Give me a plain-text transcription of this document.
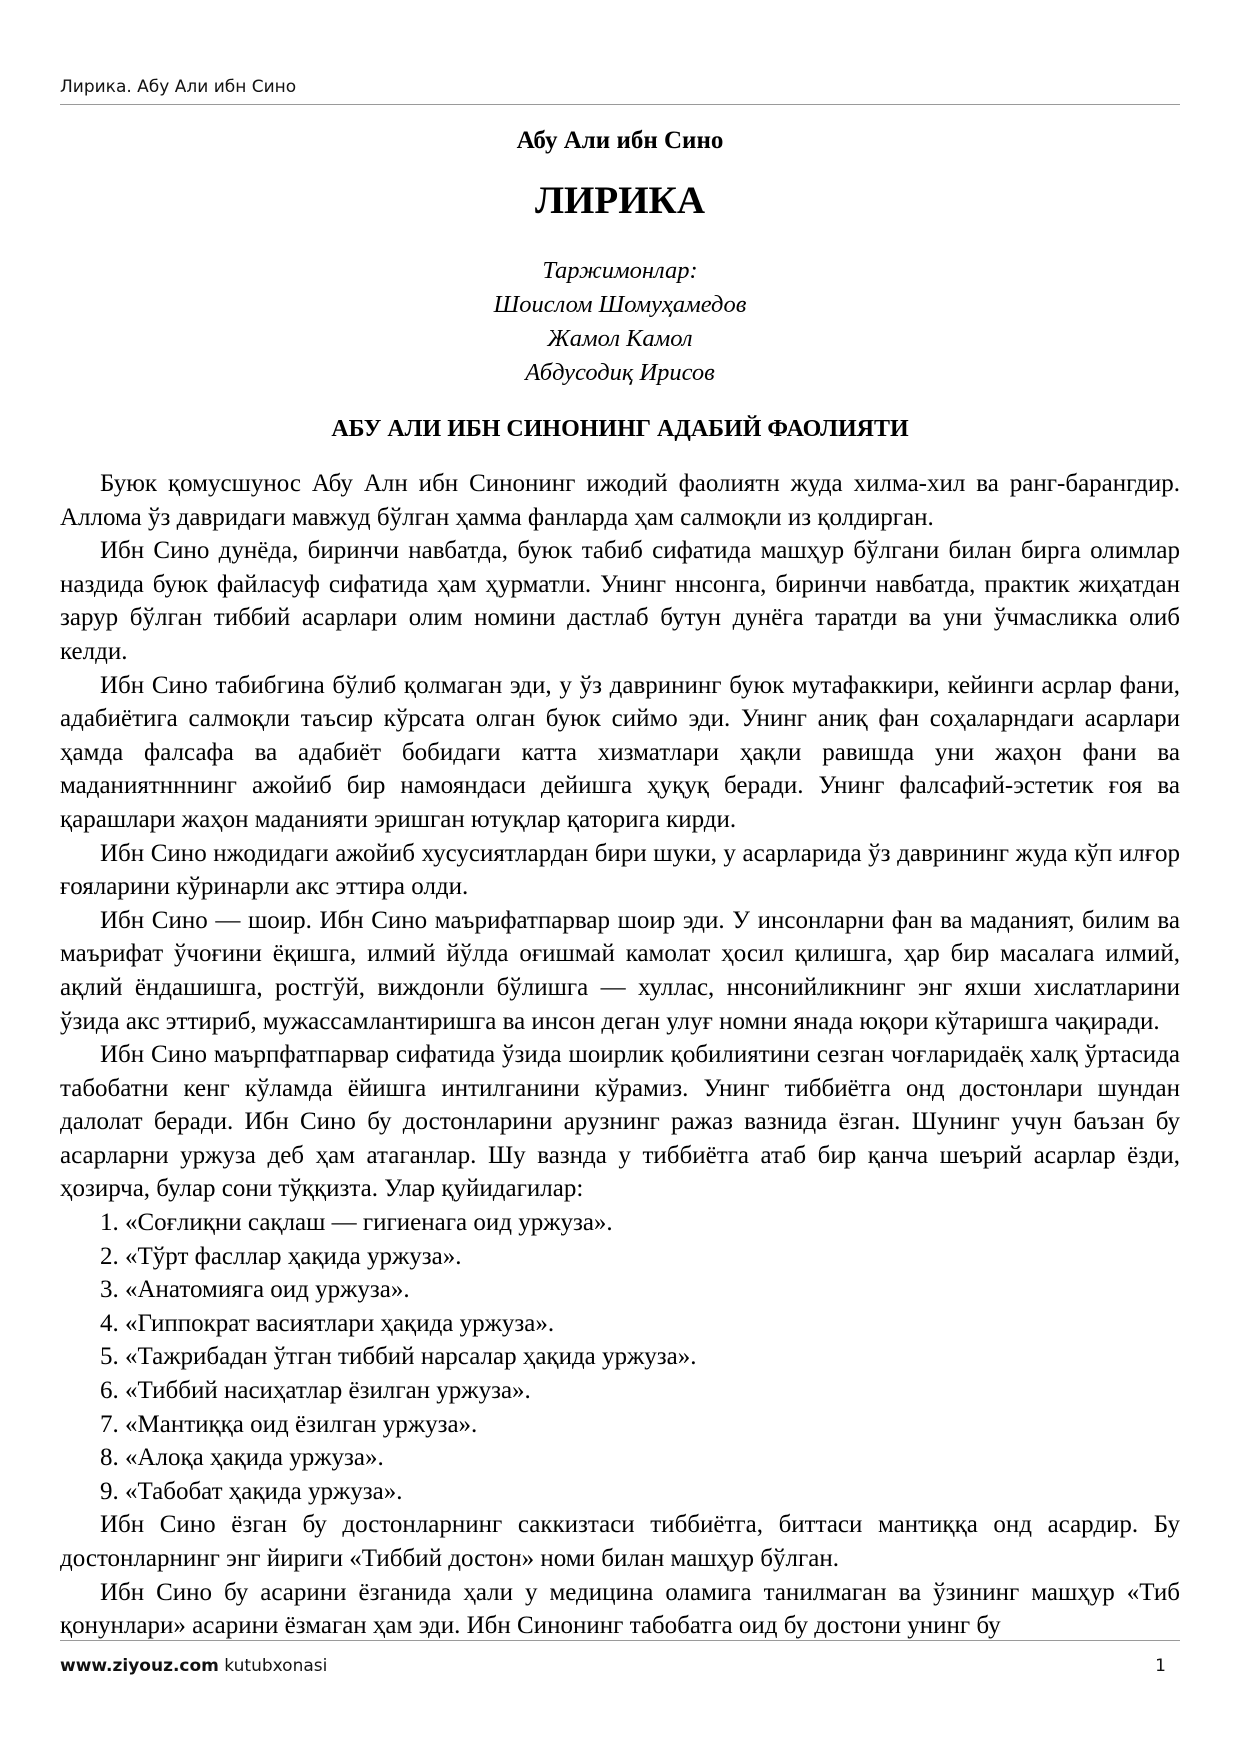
Лирика. Абу Али ибн Сино
Абу Али ибн Сино
ЛИРИКА
Таржимонлар:
Шоислом Шомуҳамедов
Жамол Камол
Абдусодиқ Ирисов
АБУ АЛИ ИБН СИНОНИНГ АДАБИЙ ФАОЛИЯТИ

Буюк қомусшунос Абу Алн ибн Синонинг ижодий фаолиятн жуда хилма-хил ва ранг-барангдир. Аллома ўз давридаги мавжуд бўлган ҳамма фанларда ҳам салмоқли из қолдирган.

Ибн Сино дунёда, биринчи навбатда, буюк табиб сифатида машҳур бўлгани билан бирга олимлар наздида буюк файласуф сифатида ҳам ҳурматли. Унинг ннсонга, биринчи навбатда, практик жиҳатдан зарур бўлган тиббий асарлари олим номини дастлаб бутун дунёга таратди ва уни ўчмасликка олиб келди.

Ибн Сино табибгина бўлиб қолмаган эди, у ўз даврининг буюк мутафаккири, кейинги асрлар фани, адабиётига салмоқли таъсир кўрсата олган буюк сиймо эди. Унинг аниқ фан соҳаларндаги асарлари ҳамда фалсафа ва адабиёт бобидаги катта хизматлари ҳақли равишда уни жаҳон фани ва маданиятнннинг ажойиб бир намояндаси дейишга ҳуқуқ беради. Унинг фалсафий-эстетик ғоя ва қарашлари жаҳон маданияти эришган ютуқлар қаторига кирди.

Ибн Сино нжодидаги ажойиб хусусиятлардан бири шуки, у асарларида ўз даврининг жуда кўп илғор ғояларини кўринарли акс эттира олди.

Ибн Сино — шоир. Ибн Сино маърифатпарвар шоир эди. У инсонларни фан ва маданият, билим ва маърифат ўчоғини ёқишга, илмий йўлда оғишмай камолат ҳосил қилишга, ҳар бир масалага илмий, ақлий ёндашишга, ростгўй, виждонли бўлишга — хуллас, ннсонийликнинг энг яхши хислатларини ўзида акс эттириб, мужассамлантиришга ва инсон деган улуғ номни янада юқори кўтаришга чақиради.

Ибн Сино маърпфатпарвар сифатида ўзида шоирлик қобилиятини сезган чоғларидаёқ халқ ўртасида табобатни кенг кўламда ёйишга интилганини кўрамиз. Унинг тиббиётга онд достонлари шундан далолат беради. Ибн Сино бу достонларини арузнинг ражаз вазнида ёзган. Шунинг учун баъзан бу асарларни уржуза деб ҳам атаганлар. Шу вазнда у тиббиётга атаб бир қанча шеърий асарлар ёзди, ҳозирча, булар сони тўққизта. Улар қуйидагилар:

1. «Соғлиқни сақлаш — гигиенага оид уржуза».
2. «Тўрт фасллар ҳақида уржуза».
3. «Анатомияга оид уржуза».
4. «Гиппократ васиятлари ҳақида уржуза».
5. «Тажрибадан ўтган тиббий нарсалар ҳақида уржуза».
6. «Тиббий насиҳатлар ёзилган уржуза».
7. «Мантиққа оид ёзилган уржуза».
8. «Алоқа ҳақида уржуза».
9. «Табобат ҳақида уржуза».

Ибн Сино ёзган бу достонларнинг саккизтаси тиббиётга, биттаси мантиққа онд асардир. Бу достонларнинг энг йириги «Тиббий достон» номи билан машҳур бўлган.

Ибн Сино бу асарини ёзганида ҳали у медицина оламига танилмаган ва ўзининг машҳур «Тиб қонунлари» асарини ёзмаган ҳам эди. Ибн Синонинг табобатга оид бу достони унинг бу

www.ziyouz.com kutubxonasi	1
